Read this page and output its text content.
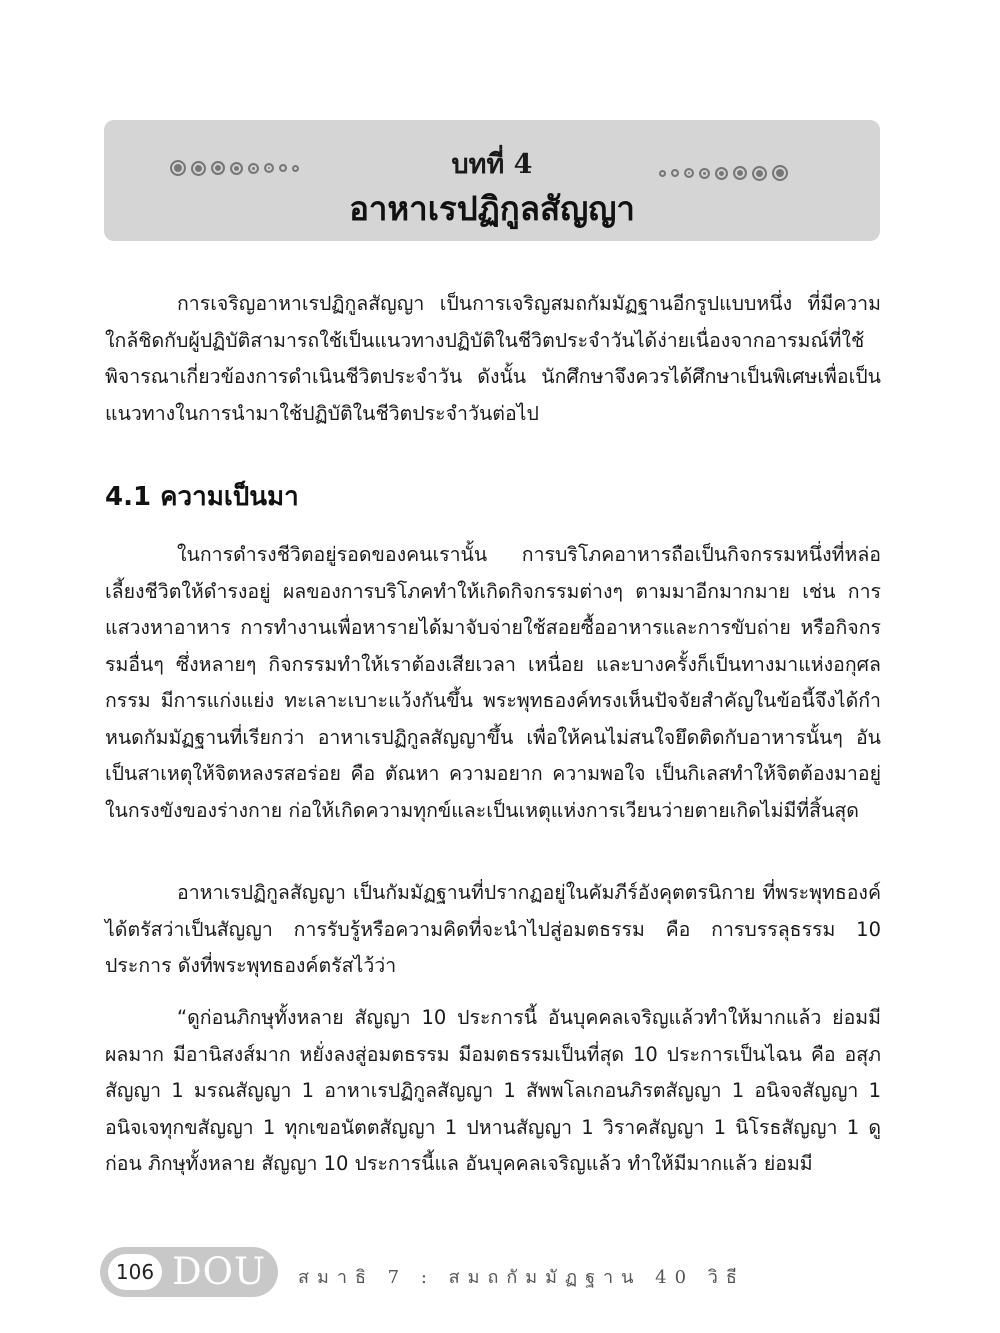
บทที่ 4
อาหาเรปฏิกูลสัญญา

การเจริญอาหาเรปฏิกูลสัญญา เป็นการเจริญสมถกัมมัฏฐานอีกรูปแบบหนึ่ง ที่มีความใกล้ชิดกับผู้ปฏิบัติสามารถใช้เป็นแนวทางปฏิบัติในชีวิตประจำวันได้ง่ายเนื่องจากอารมณ์ที่ใช้พิจารณาเกี่ยวข้องการดำเนินชีวิตประจำวัน ดังนั้น นักศึกษาจึงควรได้ศึกษาเป็นพิเศษเพื่อเป็นแนวทางในการนำมาใช้ปฏิบัติในชีวิตประจำวันต่อไป

4.1 ความเป็นมา

ในการดำรงชีวิตอยู่รอดของคนเรานั้น การบริโภคอาหารถือเป็นกิจกรรมหนึ่งที่หล่อเลี้ยงชีวิตให้ดำรงอยู่ ผลของการบริโภคทำให้เกิดกิจกรรมต่างๆ ตามมาอีกมากมาย เช่น การแสวงหาอาหาร การทำงานเพื่อหารายได้มาจับจ่ายใช้สอยซื้ออาหารและการขับถ่าย หรือกิจกรรมอื่นๆ ซึ่งหลายๆ กิจกรรมทำให้เราต้องเสียเวลา เหนื่อย และบางครั้งก็เป็นทางมาแห่งอกุศลกรรม มีการแก่งแย่ง ทะเลาะเบาะแว้งกันขึ้น พระพุทธองค์ทรงเห็นปัจจัยสำคัญในข้อนี้จึงได้กำหนดกัมมัฏฐานที่เรียกว่า อาหาเรปฏิกูลสัญญาขึ้น เพื่อให้คนไม่สนใจยึดติดกับอาหารนั้นๆ อันเป็นสาเหตุให้จิตหลงรสอร่อย คือ ตัณหา ความอยาก ความพอใจ เป็นกิเลสทำให้จิตต้องมาอยู่ในกรงขังของร่างกาย ก่อให้เกิดความทุกข์และเป็นเหตุแห่งการเวียนว่ายตายเกิดไม่มีที่สิ้นสุด

อาหาเรปฏิกูลสัญญา เป็นกัมมัฏฐานที่ปรากฏอยู่ในคัมภีร์อังคุตตรนิกาย ที่พระพุทธองค์ได้ตรัสว่าเป็นสัญญา การรับรู้หรือความคิดที่จะนำไปสู่อมตธรรม คือ การบรรลุธรรม 10 ประการ ดังที่พระพุทธองค์ตรัสไว้ว่า

“ดูก่อนภิกษุทั้งหลาย สัญญา 10 ประการนี้ อันบุคคลเจริญแล้วทำให้มากแล้ว ย่อมมีผลมาก มีอานิสงส์มาก หยั่งลงสู่อมตธรรม มีอมตธรรมเป็นที่สุด 10 ประการเป็นไฉน คือ อสุภสัญญา 1 มรณสัญญา 1 อาหาเรปฏิกูลสัญญา 1 สัพพโลเกอนภิรตสัญญา 1 อนิจจสัญญา 1 อนิจเจทุกขสัญญา 1 ทุกเขอนัตตสัญญา 1 ปหานสัญญา 1 วิราคสัญญา 1 นิโรธสัญญา 1 ดูก่อน ภิกษุทั้งหลาย สัญญา 10 ประการนี้แล อันบุคคลเจริญแล้ว ทำให้มีมากแล้ว ย่อมมี

106 DOU สมาธิ 7 : สมถกัมมัฏฐาน 40 วิธี
